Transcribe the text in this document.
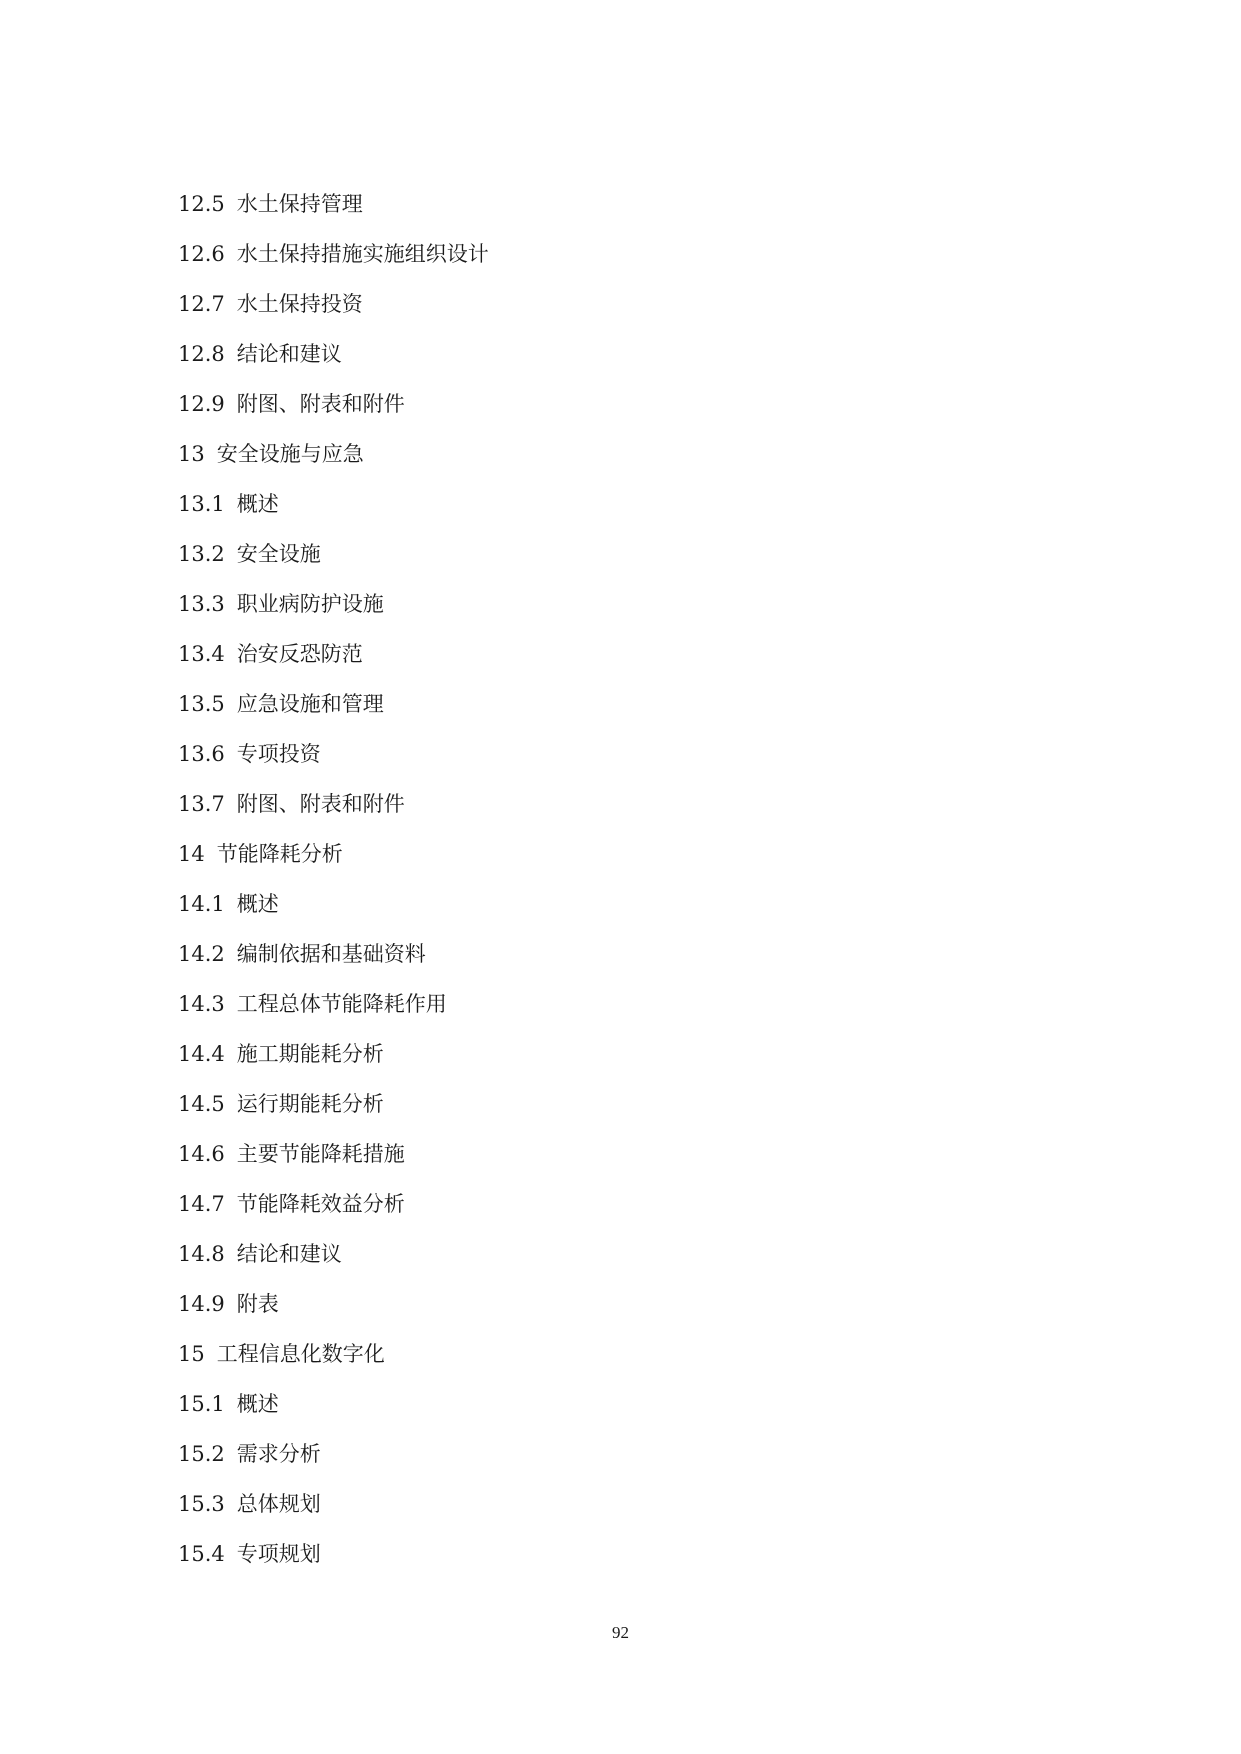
12.5 水土保持管理
12.6 水土保持措施实施组织设计
12.7 水土保持投资
12.8 结论和建议
12.9 附图、附表和附件
13 安全设施与应急
13.1 概述
13.2 安全设施
13.3 职业病防护设施
13.4 治安反恐防范
13.5 应急设施和管理
13.6 专项投资
13.7 附图、附表和附件
14 节能降耗分析
14.1 概述
14.2 编制依据和基础资料
14.3 工程总体节能降耗作用
14.4 施工期能耗分析
14.5 运行期能耗分析
14.6 主要节能降耗措施
14.7 节能降耗效益分析
14.8 结论和建议
14.9 附表
15 工程信息化数字化
15.1 概述
15.2 需求分析
15.3 总体规划
15.4 专项规划
92
